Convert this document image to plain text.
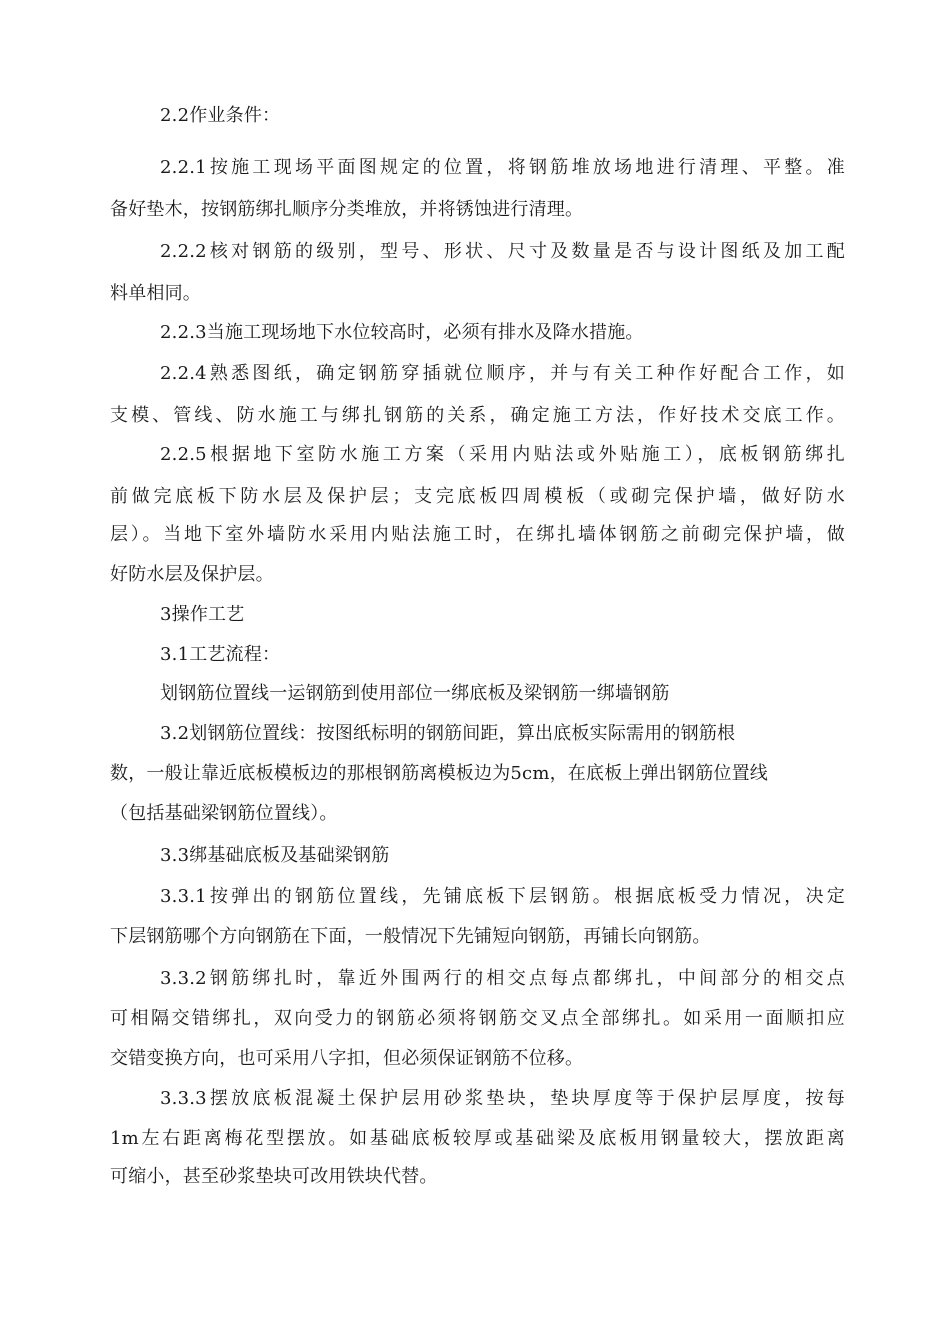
2.2作业条件：
2.2.1按施工现场平面图规定的位置，将钢筋堆放场地进行清理、平整。准
备好垫木，按钢筋绑扎顺序分类堆放，并将锈蚀进行清理。
2.2.2核对钢筋的级别，型号、形状、尺寸及数量是否与设计图纸及加工配
料单相同。
2.2.3当施工现场地下水位较高时，必须有排水及降水措施。
2.2.4熟悉图纸，确定钢筋穿插就位顺序，并与有关工种作好配合工作，如
支模、管线、防水施工与绑扎钢筋的关系，确定施工方法，作好技术交底工作。
2.2.5根据地下室防水施工方案（采用内贴法或外贴施工），底板钢筋绑扎
前做完底板下防水层及保护层；支完底板四周模板（或砌完保护墙，做好防水
层）。当地下室外墙防水采用内贴法施工时，在绑扎墙体钢筋之前砌完保护墙，做
好防水层及保护层。
3操作工艺
3.1工艺流程：
划钢筋位置线一运钢筋到使用部位一绑底板及梁钢筋一绑墙钢筋
3.2划钢筋位置线：按图纸标明的钢筋间距，算出底板实际需用的钢筋根
数，一般让靠近底板模板边的那根钢筋离模板边为5cm，在底板上弹出钢筋位置线
（包括基础梁钢筋位置线）。
3.3绑基础底板及基础梁钢筋
3.3.1按弹出的钢筋位置线，先铺底板下层钢筋。根据底板受力情况，决定
下层钢筋哪个方向钢筋在下面，一般情况下先铺短向钢筋，再铺长向钢筋。
3.3.2钢筋绑扎时，靠近外围两行的相交点每点都绑扎，中间部分的相交点
可相隔交错绑扎，双向受力的钢筋必须将钢筋交叉点全部绑扎。如采用一面顺扣应
交错变换方向，也可采用八字扣，但必须保证钢筋不位移。
3.3.3摆放底板混凝土保护层用砂浆垫块，垫块厚度等于保护层厚度，按每
1m左右距离梅花型摆放。如基础底板较厚或基础梁及底板用钢量较大，摆放距离
可缩小，甚至砂浆垫块可改用铁块代替。
